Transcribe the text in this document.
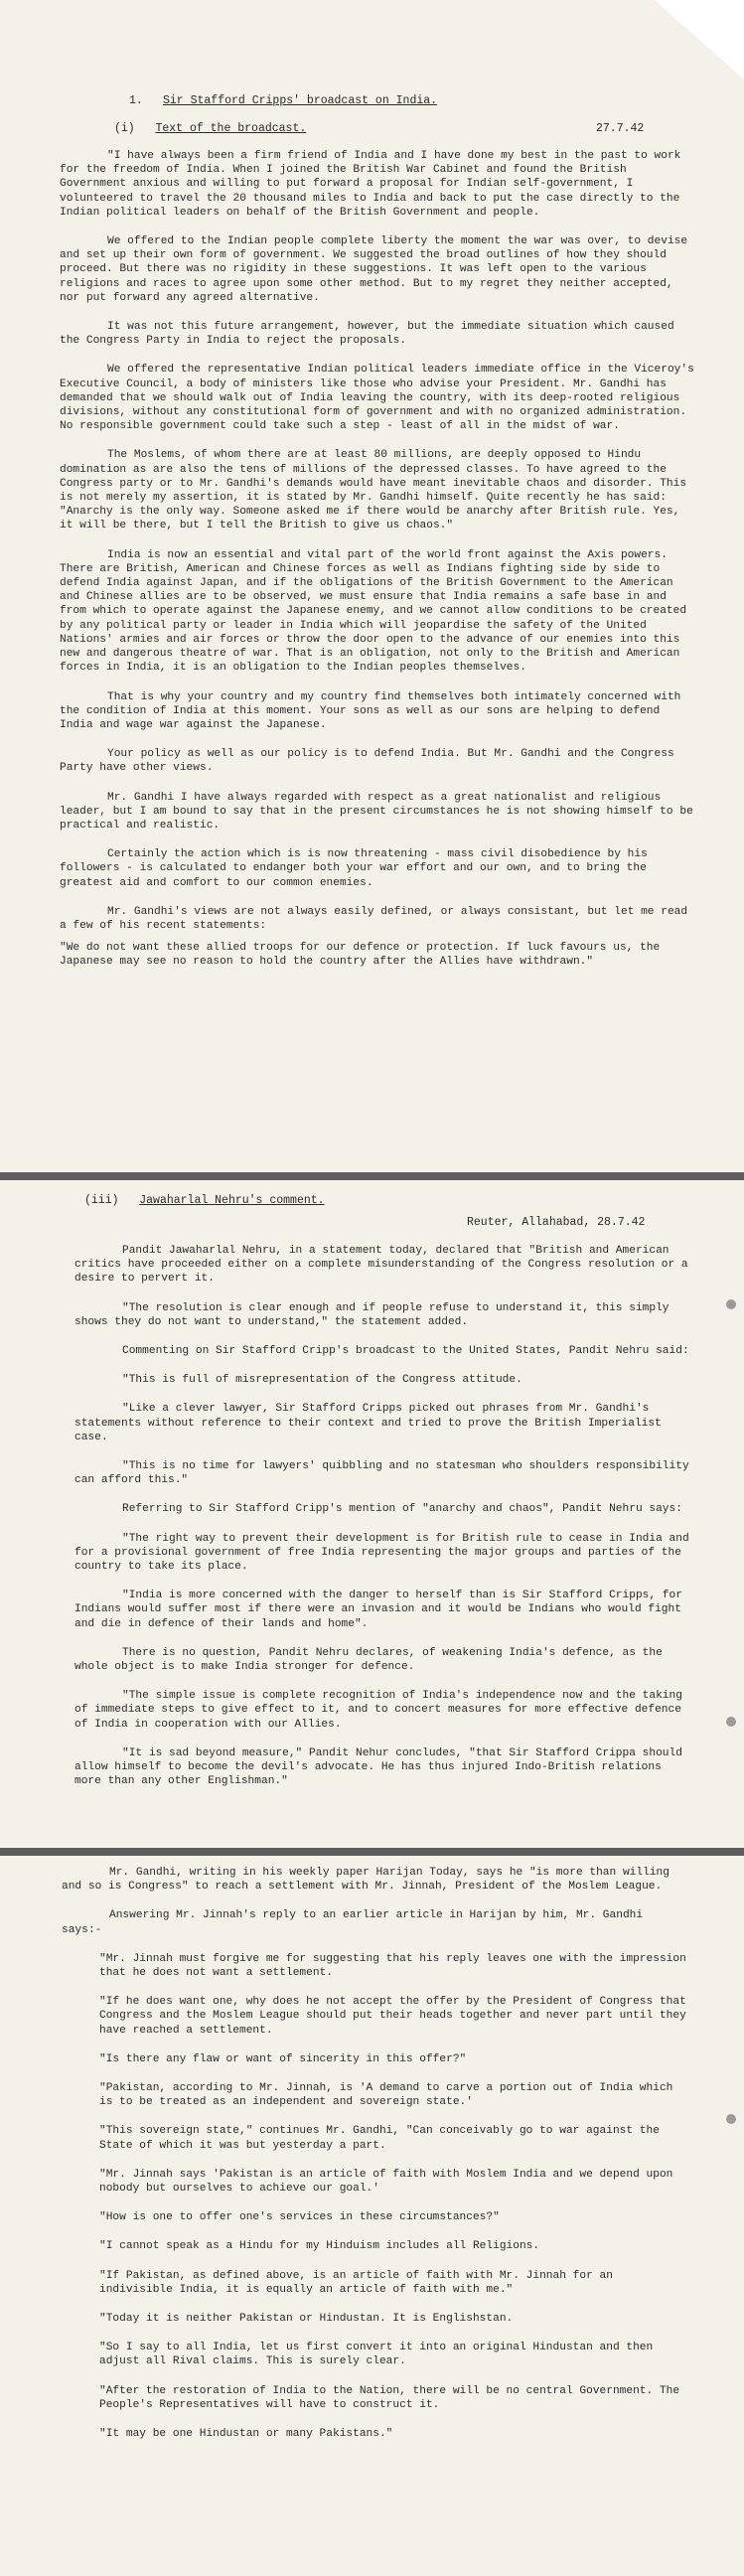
1. Sir Stafford Cripps' broadcast on India.
(i) Text of the broadcast.	27.7.42

"I have always been a firm friend of India and I have done my best in the past to work for the freedom of India. When I joined the British War Cabinet and found the British Government anxious and willing to put forward a proposal for Indian self-government, I volunteered to travel the 20 thousand miles to India and back to put the case directly to the Indian political leaders on behalf of the British Government and people.

We offered to the Indian people complete liberty the moment the war was over, to devise and set up their own form of government. We suggested the broad outlines of how they should proceed. But there was no rigidity in these suggestions. It was left open to the various religions and races to agree upon some other method. But to my regret they neither accepted, nor put forward any agreed alternative.

It was not this future arrangement, however, but the immediate situation which caused the Congress Party in India to reject the proposals.

We offered the representative Indian political leaders immediate office in the Viceroy's Executive Council, a body of ministers like those who advise your President. Mr. Gandhi has demanded that we should walk out of India leaving the country, with its deep-rooted religious divisions, without any constitutional form of government and with no organized administration. No responsible government could take such a step - least of all in the midst of war.

The Moslems, of whom there are at least 80 millions, are deeply opposed to Hindu domination as are also the tens of millions of the depressed classes. To have agreed to the Congress party or to Mr. Gandhi's demands would have meant inevitable chaos and disorder. This is not merely my assertion, it is stated by Mr. Gandhi himself. Quite recently he has said: "Anarchy is the only way. Someone asked me if there would be anarchy after British rule. Yes, it will be there, but I tell the British to give us chaos."

India is now an essential and vital part of the world front against the Axis powers. There are British, American and Chinese forces as well as Indians fighting side by side to defend India against Japan, and if the obligations of the British Government to the American and Chinese allies are to be observed, we must ensure that India remains a safe base in and from which to operate against the Japanese enemy, and we cannot allow conditions to be created by any political party or leader in India which will jeopardise the safety of the United Nations' armies and air forces or throw the door open to the advance of our enemies into this new and dangerous theatre of war. That is an obligation, not only to the British and American forces in India, it is an obligation to the Indian peoples themselves.

That is why your country and my country find themselves both intimately concerned with the condition of India at this moment. Your sons as well as our sons are helping to defend India and wage war against the Japanese.

Your policy as well as our policy is to defend India. But Mr. Gandhi and the Congress Party have other views.

Mr. Gandhi I have always regarded with respect as a great nationalist and religious leader, but I am bound to say that in the present circumstances he is not showing himself to be practical and realistic.

Certainly the action which is is now threatening - mass civil disobedience by his followers - is calculated to endanger both your war effort and our own, and to bring the greatest aid and comfort to our common enemies.

Mr. Gandhi's views are not always easily defined, or always consistant, but let me read a few of his recent statements:

"We do not want these allied troops for our defence or protection. If luck favours us, the Japanese may see no reason to hold the country after the Allies have withdrawn."

(iii) Jawaharlal Nehru's comment.
Reuter, Allahabad, 28.7.42

Pandit Jawaharlal Nehru, in a statement today, declared that "British and American critics have proceeded either on a complete misunderstanding of the Congress resolution or a desire to pervert it.

"The resolution is clear enough and if people refuse to understand it, this simply shows they do not want to understand," the statement added.

Commenting on Sir Stafford Cripp's broadcast to the United States, Pandit Nehru said:

"This is full of misrepresentation of the Congress attitude.

"Like a clever lawyer, Sir Stafford Cripps picked out phrases from Mr. Gandhi's statements without reference to their context and tried to prove the British Imperialist case.

"This is no time for lawyers' quibbling and no statesman who shoulders responsibility can afford this."

Referring to Sir Stafford Cripp's mention of "anarchy and chaos", Pandit Nehru says:

"The right way to prevent their development is for British rule to cease in India and for a provisional government of free India representing the major groups and parties of the country to take its place.

"India is more concerned with the danger to herself than is Sir Stafford Cripps, for Indians would suffer most if there were an invasion and it would be Indians who would fight and die in defence of their lands and home".

There is no question, Pandit Nehru declares, of weakening India's defence, as the whole object is to make India stronger for defence.

"The simple issue is complete recognition of India's independence now and the taking of immediate steps to give effect to it, and to concert measures for more effective defence of India in cooperation with our Allies.

"It is sad beyond measure," Pandit Nehur concludes, "that Sir Stafford Crippa should allow himself to become the devil's advocate. He has thus injured Indo-British relations more than any other Englishman."

Mr. Gandhi, writing in his weekly paper Harijan Today, says he "is more than willing and so is Congress" to reach a settlement with Mr. Jinnah, President of the Moslem League.

Answering Mr. Jinnah's reply to an earlier article in Harijan by him, Mr. Gandhi says:-

"Mr. Jinnah must forgive me for suggesting that his reply leaves one with the impression that he does not want a settlement.

"If he does want one, why does he not accept the offer by the President of Congress that Congress and the Moslem League should put their heads together and never part until they have reached a settlement.

"Is there any flaw or want of sincerity in this offer?"

"Pakistan, according to Mr. Jinnah, is 'A demand to carve a portion out of India which is to be treated as an independent and sovereign state.'

"This sovereign state," continues Mr. Gandhi, "Can conceivably go to war against the State of which it was but yesterday a part.

"Mr. Jinnah says 'Pakistan is an article of faith with Moslem India and we depend upon nobody but ourselves to achieve our goal.'

"How is one to offer one's services in these circumstances?"

"I cannot speak as a Hindu for my Hinduism includes all Religions.

"If Pakistan, as defined above, is an article of faith with Mr. Jinnah for an indivisible India, it is equally an article of faith with me."

"Today it is neither Pakistan or Hindustan. It is Englishstan.

"So I say to all India, let us first convert it into an original Hindustan and then adjust all Rival claims. This is surely clear.

"After the restoration of India to the Nation, there will be no central Government. The People's Representatives will have to construct it.

"It may be one Hindustan or many Pakistans."
